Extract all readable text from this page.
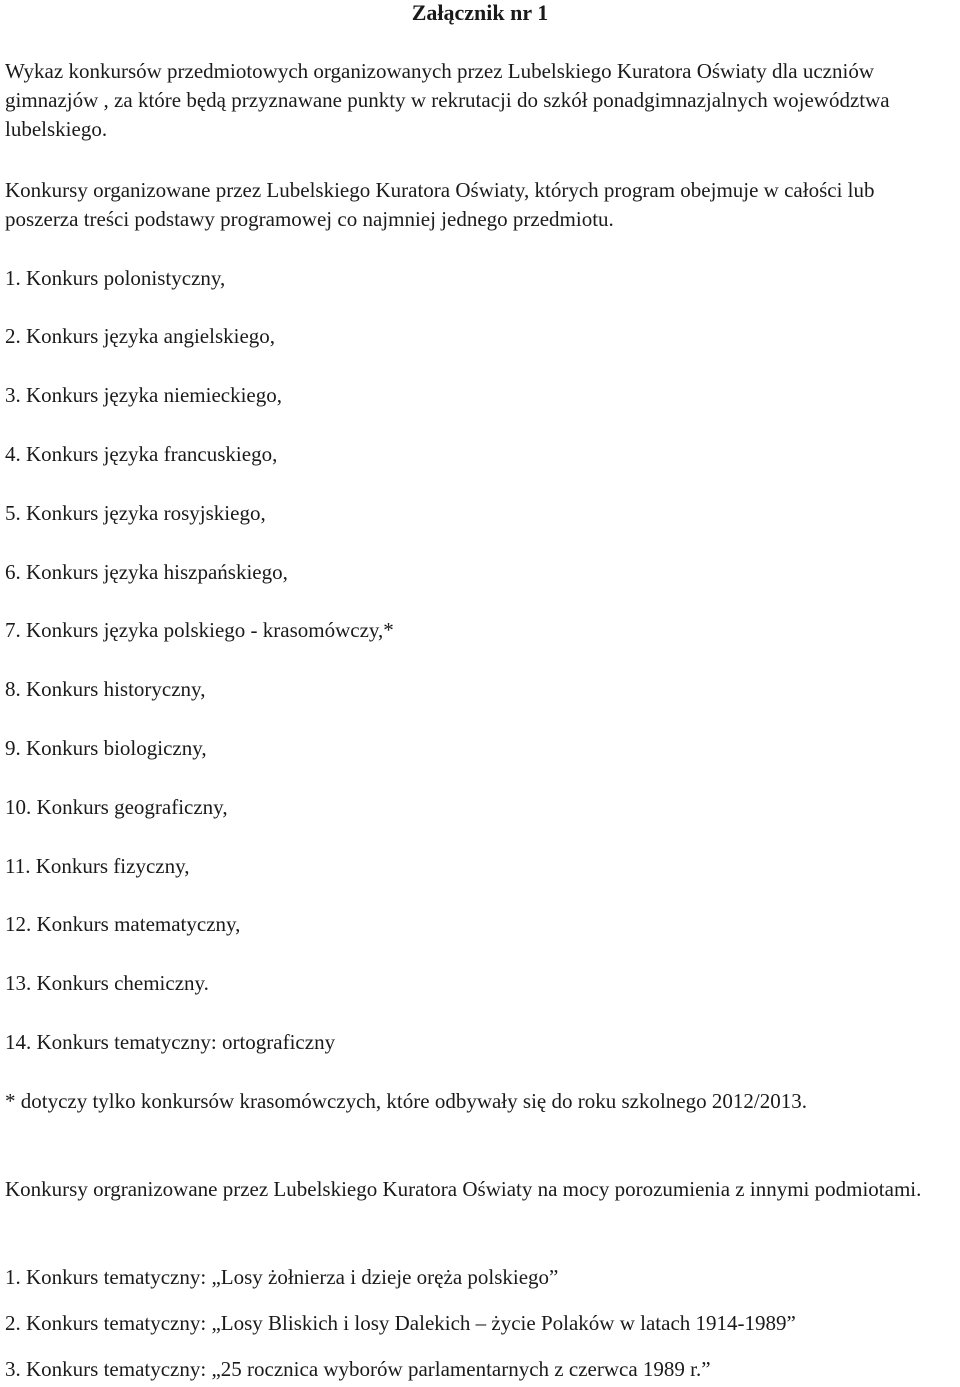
Załącznik nr 1

Wykaz konkursów przedmiotowych organizowanych przez Lubelskiego Kuratora Oświaty dla uczniów gimnazjów , za które będą przyznawane punkty w rekrutacji do szkół ponadgimnazjalnych województwa lubelskiego.

Konkursy organizowane przez Lubelskiego Kuratora Oświaty, których program obejmuje w całości lub poszerza treści podstawy programowej co najmniej jednego przedmiotu.

1. Konkurs polonistyczny,

2. Konkurs języka angielskiego,

3. Konkurs języka niemieckiego,

4. Konkurs języka francuskiego,

5. Konkurs języka rosyjskiego,

6. Konkurs języka hiszpańskiego,

7. Konkurs języka polskiego - krasomówczy,*

8. Konkurs historyczny,

9. Konkurs biologiczny,

10. Konkurs geograficzny,

11. Konkurs fizyczny,

12. Konkurs matematyczny,

13. Konkurs chemiczny.

14. Konkurs tematyczny: ortograficzny

* dotyczy tylko konkursów krasomówczych, które odbywały się do roku szkolnego 2012/2013.

Konkursy orgranizowane przez Lubelskiego Kuratora Oświaty na mocy porozumienia z innymi podmiotami.

1. Konkurs tematyczny: „Losy żołnierza i dzieje oręża polskiego”

2. Konkurs tematyczny: „Losy Bliskich i losy Dalekich – życie Polaków w latach 1914-1989”

3. Konkurs tematyczny: „25 rocznica wyborów parlamentarnych z czerwca 1989 r.”
